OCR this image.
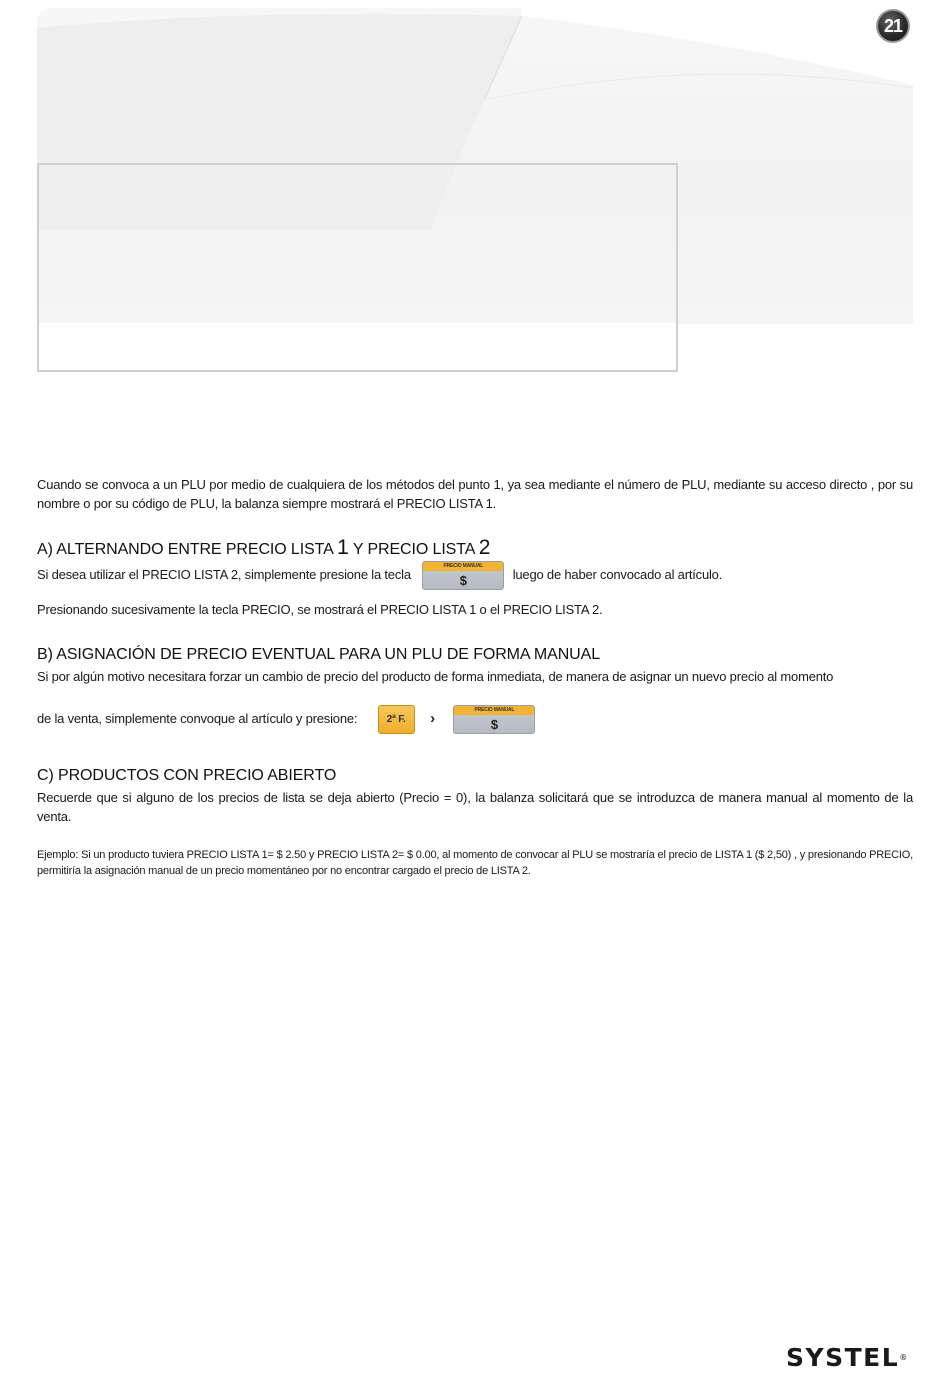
21

Cuando se convoca a un PLU por medio de cualquiera de los métodos del punto 1, ya sea mediante el número de PLU, mediante su acceso directo , por su nombre o por su código de PLU, la balanza siempre mostrará el PRECIO LISTA 1.

A) ALTERNANDO ENTRE PRECIO LISTA 1 Y PRECIO LISTA 2
Si desea utilizar el PRECIO LISTA 2, simplemente presione la tecla
PRECIO MANUAL
$	luego de haber convocado al artículo.

Presionando sucesivamente la tecla PRECIO, se mostrará el PRECIO LISTA 1 o el PRECIO LISTA 2.

B) ASIGNACIÓN DE PRECIO EVENTUAL PARA UN PLU DE FORMA MANUAL

Si por algún motivo necesitara forzar un cambio de precio del producto de forma inmediata, de manera de asignar un nuevo precio al momento

de la venta, simplemente convoque al artículo y presione:	2ª F. ›	PRECIO MANUAL
$
C) PRODUCTOS CON PRECIO ABIERTO

Recuerde que si alguno de los precios de lista se deja abierto (Precio = 0), la balanza solicitará que se introduzca de manera manual al momento de la venta.

Ejemplo: Si un producto tuviera PRECIO LISTA 1= $ 2.50 y PRECIO LISTA 2= $ 0.00, al momento de convocar al PLU se mostraría el precio de LISTA 1 ($ 2,50) , y presionando PRECIO, permitiría la asignación manual de un precio momentáneo por no encontrar cargado el precio de LISTA 2.

SYSTEL®
